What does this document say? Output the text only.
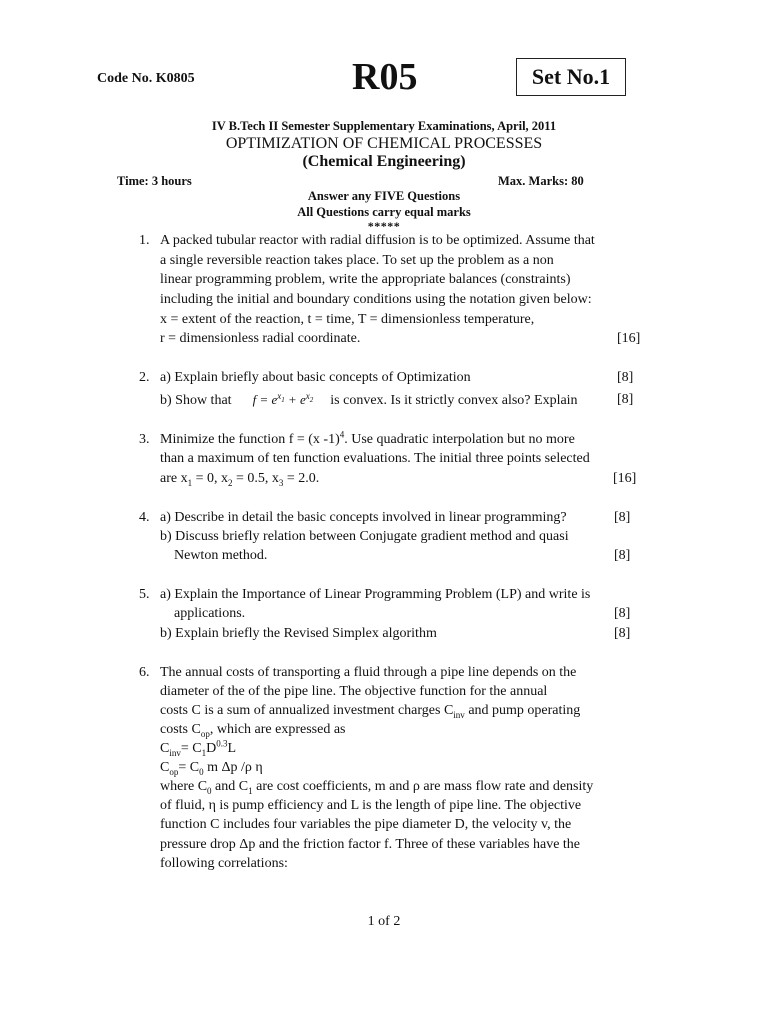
Code No. K0805	R05	Set No.1
IV B.Tech II Semester Supplementary Examinations, April, 2011
OPTIMIZATION OF CHEMICAL PROCESSES
(Chemical Engineering)
Time: 3 hours	Max. Marks: 80
Answer any FIVE Questions
All Questions carry equal marks
*****
1. A packed tubular reactor with radial diffusion is to be optimized. Assume that
a single reversible reaction takes place. To set up the problem as a non
linear programming problem, write the appropriate balances (constraints)
including the initial and boundary conditions using the notation given below:
x = extent of the reaction, t = time, T = dimensionless temperature,
r = dimensionless radial coordinate.	[16]
2. a) Explain briefly about basic concepts of Optimization	[8]
b) Show that $f = e^{x_1} + e^{x_2}$ is convex. Is it strictly convex also? Explain	[8]
3. Minimize the function f = (x -1)$^4$. Use quadratic interpolation but no more
than a maximum of ten function evaluations. The initial three points selected
are $x_1 = 0$, $x_2 = 0.5$, $x_3 = 2.0$.	[16]
4. a) Describe in detail the basic concepts involved in linear programming?	[8]
b) Discuss briefly relation between Conjugate gradient method and quasi
Newton method.	[8]
5. a) Explain the Importance of Linear Programming Problem (LP) and write is
applications.	[8]
b) Explain briefly the Revised Simplex algorithm	[8]
6. The annual costs of transporting a fluid through a pipe line depends on the
diameter of the of the pipe line. The objective function for the annual
costs C is a sum of annualized investment charges $C_{inv}$ and pump operating
costs $C_{op}$, which are expressed as
$C_{inv}= C_1D^{0.3}L$
$C_{op}= C_0$ m Δp /ρ η
where $C_0$ and $C_1$ are cost coefficients, m and ρ are mass flow rate and density
of fluid, η is pump efficiency and L is the length of pipe line. The objective
function C includes four variables the pipe diameter D, the velocity v, the
pressure drop Δp and the friction factor f. Three of these variables have the
following correlations:
1 of 2
